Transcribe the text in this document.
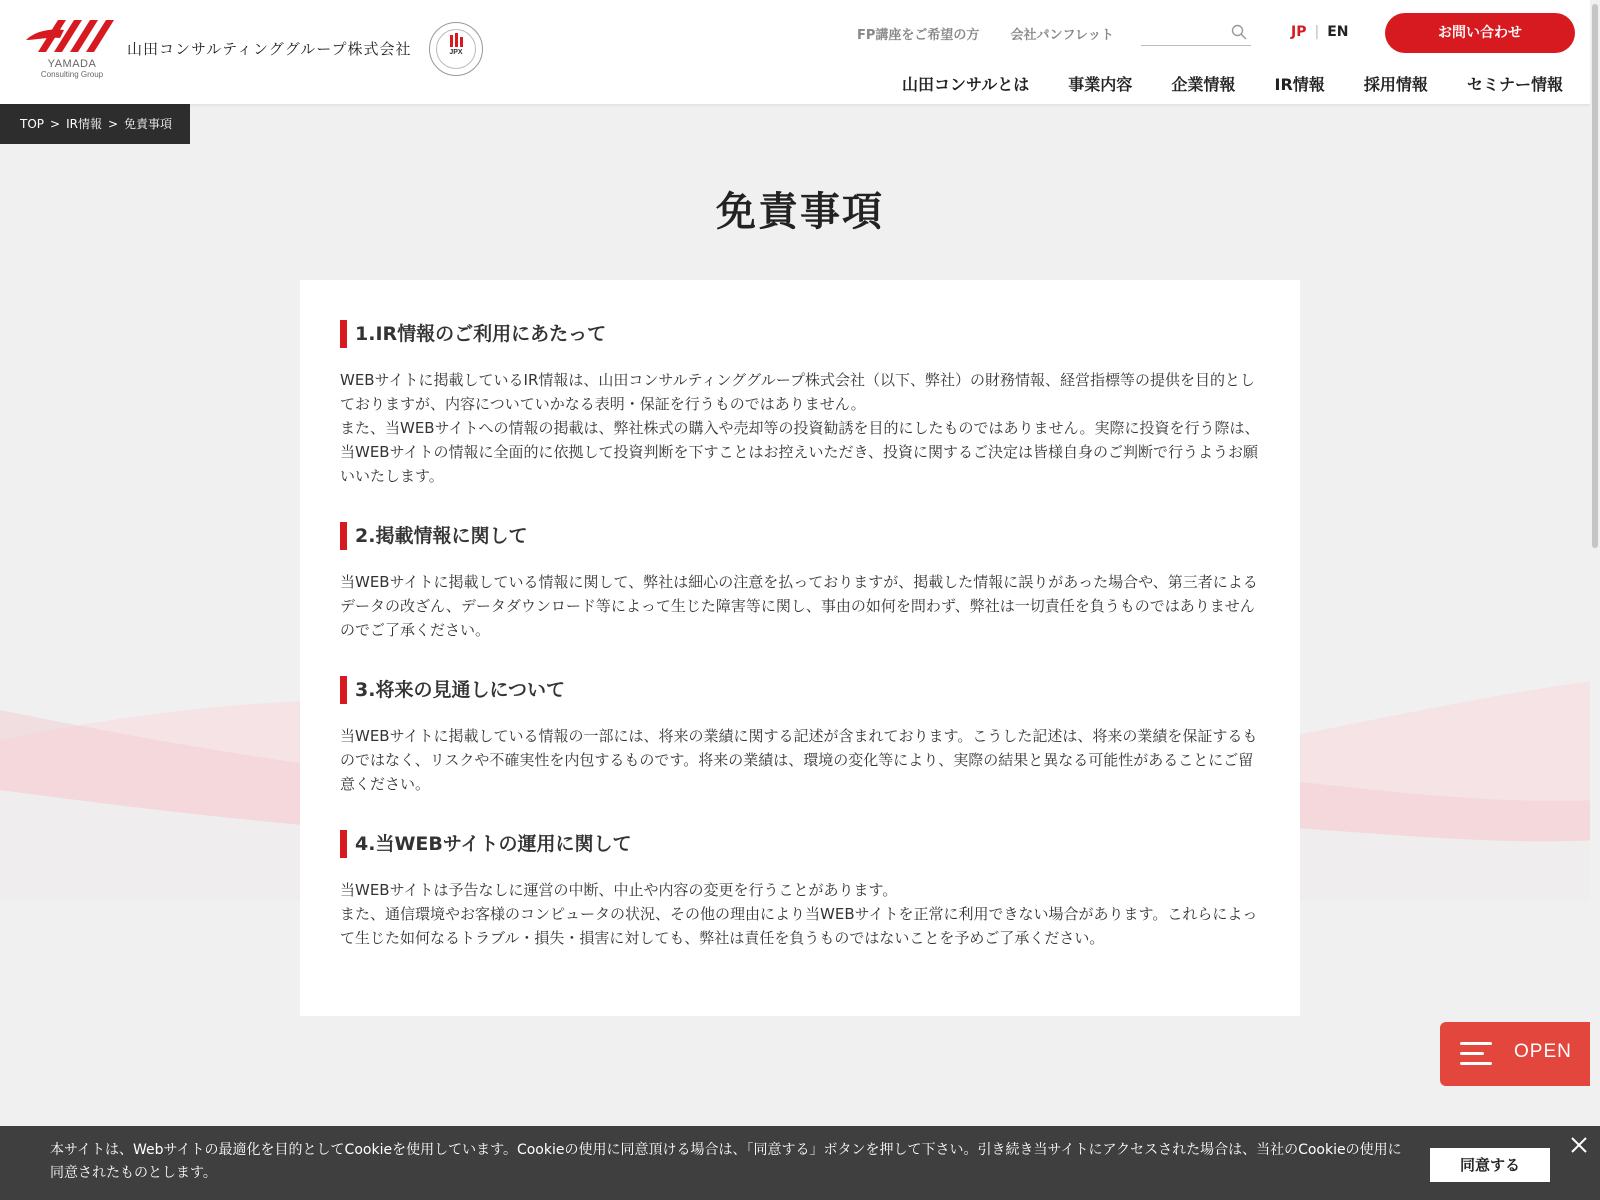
YAMADA
Consulting Group
山田コンサルティンググループ株式会社	JPX
FP講座をご希望の方 会社パンフレット	JP | EN	お問い合わせ
山田コンサルとは 事業内容 企業情報 IR情報 採用情報 セミナー情報
TOP > IR情報 > 免責事項
免責事項
1.IR情報のご利用にあたって

WEBサイトに掲載しているIR情報は、山田コンサルティンググループ株式会社（以下、弊社）の財務情報、経営指標等の提供を目的としておりますが、内容についていかなる表明・保証を行うものではありません。

また、当WEBサイトへの情報の掲載は、弊社株式の購入や売却等の投資勧誘を目的にしたものではありません。実際に投資を行う際は、当WEBサイトの情報に全面的に依拠して投資判断を下すことはお控えいただき、投資に関するご決定は皆様自身のご判断で行うようお願いいたします。

2.掲載情報に関して

当WEBサイトに掲載している情報に関して、弊社は細心の注意を払っておりますが、掲載した情報に誤りがあった場合や、第三者によるデータの改ざん、データダウンロード等によって生じた障害等に関し、事由の如何を問わず、弊社は一切責任を負うものではありませんのでご了承ください。

3.将来の見通しについて

当WEBサイトに掲載している情報の一部には、将来の業績に関する記述が含まれております。こうした記述は、将来の業績を保証するものではなく、リスクや不確実性を内包するものです。将来の業績は、環境の変化等により、実際の結果と異なる可能性があることにご留意ください。

4.当WEBサイトの運用に関して

当WEBサイトは予告なしに運営の中断、中止や内容の変更を行うことがあります。

また、通信環境やお客様のコンピュータの状況、その他の理由により当WEBサイトを正常に利用できない場合があります。これらによって生じた如何なるトラブル・損失・損害に対しても、弊社は責任を負うものではないことを予めご了承ください。

OPEN
本サイトは、Webサイトの最適化を目的としてCookieを使用しています。Cookieの使用に同意頂ける場合は、「同意する」ボタンを押して下さい。引き続き当サイトにアクセスされた場合は、当社のCookieの使用に同意されたものとします。	同意する
